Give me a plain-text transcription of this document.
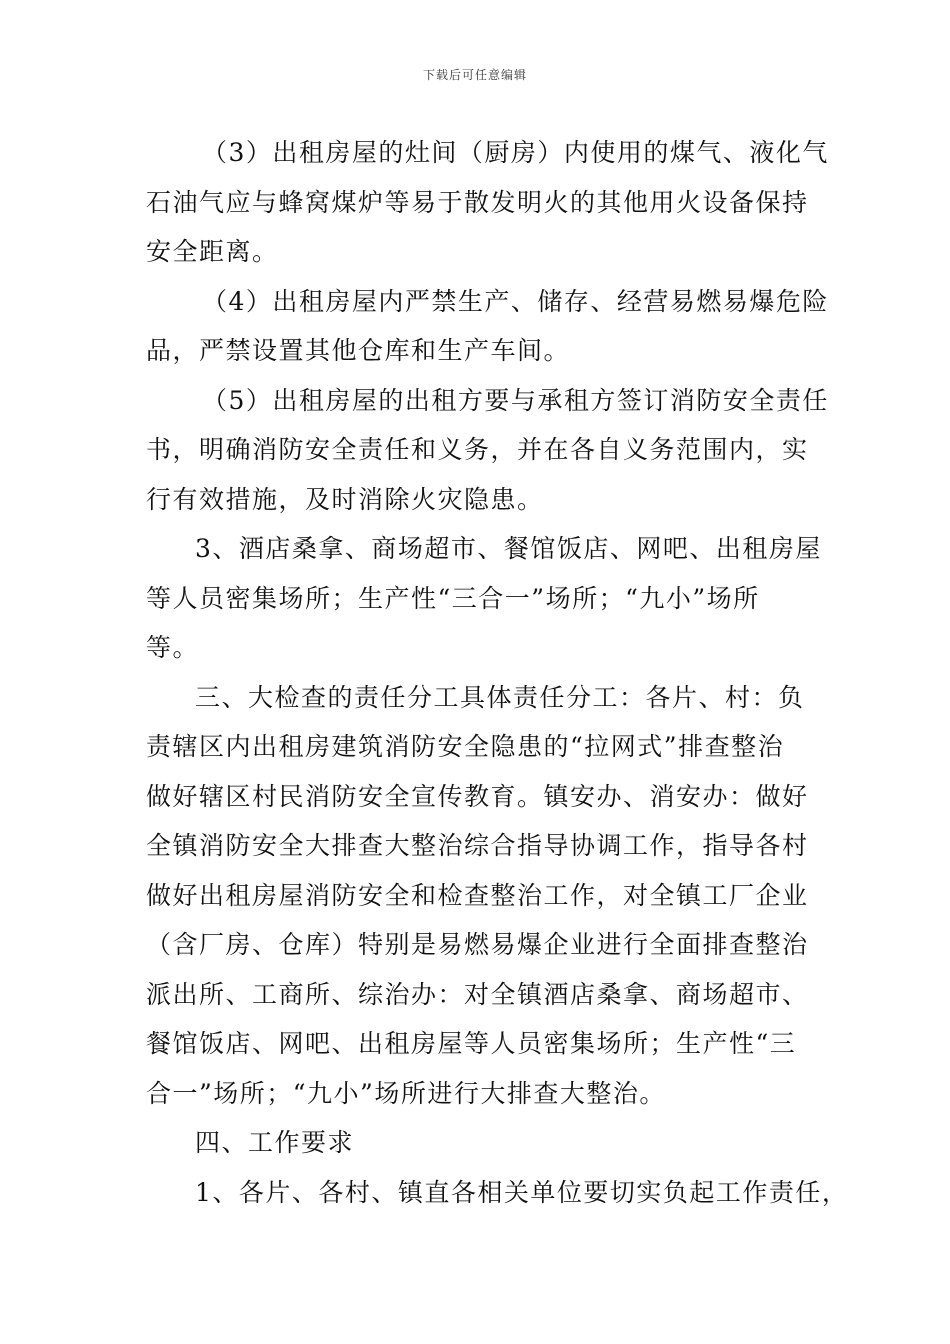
下载后可任意编辑
（3）出租房屋的灶间（厨房）内使用的煤气、液化气
石油气应与蜂窝煤炉等易于散发明火的其他用火设备保持
安全距离。
（4）出租房屋内严禁生产、储存、经营易燃易爆危险
品，严禁设置其他仓库和生产车间。
（5）出租房屋的出租方要与承租方签订消防安全责任
书，明确消防安全责任和义务，并在各自义务范围内，实
行有效措施，及时消除火灾隐患。
3、酒店桑拿、商场超市、餐馆饭店、网吧、出租房屋
等人员密集场所；生产性“三合一”场所；“九小”场所
等。
三、大检查的责任分工具体责任分工：各片、村：负
责辖区内出租房建筑消防安全隐患的“拉网式”排查整治
做好辖区村民消防安全宣传教育。镇安办、消安办：做好
全镇消防安全大排查大整治综合指导协调工作，指导各村
做好出租房屋消防安全和检查整治工作，对全镇工厂企业
（含厂房、仓库）特别是易燃易爆企业进行全面排查整治
派出所、工商所、综治办：对全镇酒店桑拿、商场超市、
餐馆饭店、网吧、出租房屋等人员密集场所；生产性“三
合一”场所；“九小”场所进行大排查大整治。
四、工作要求
1、各片、各村、镇直各相关单位要切实负起工作责任，
